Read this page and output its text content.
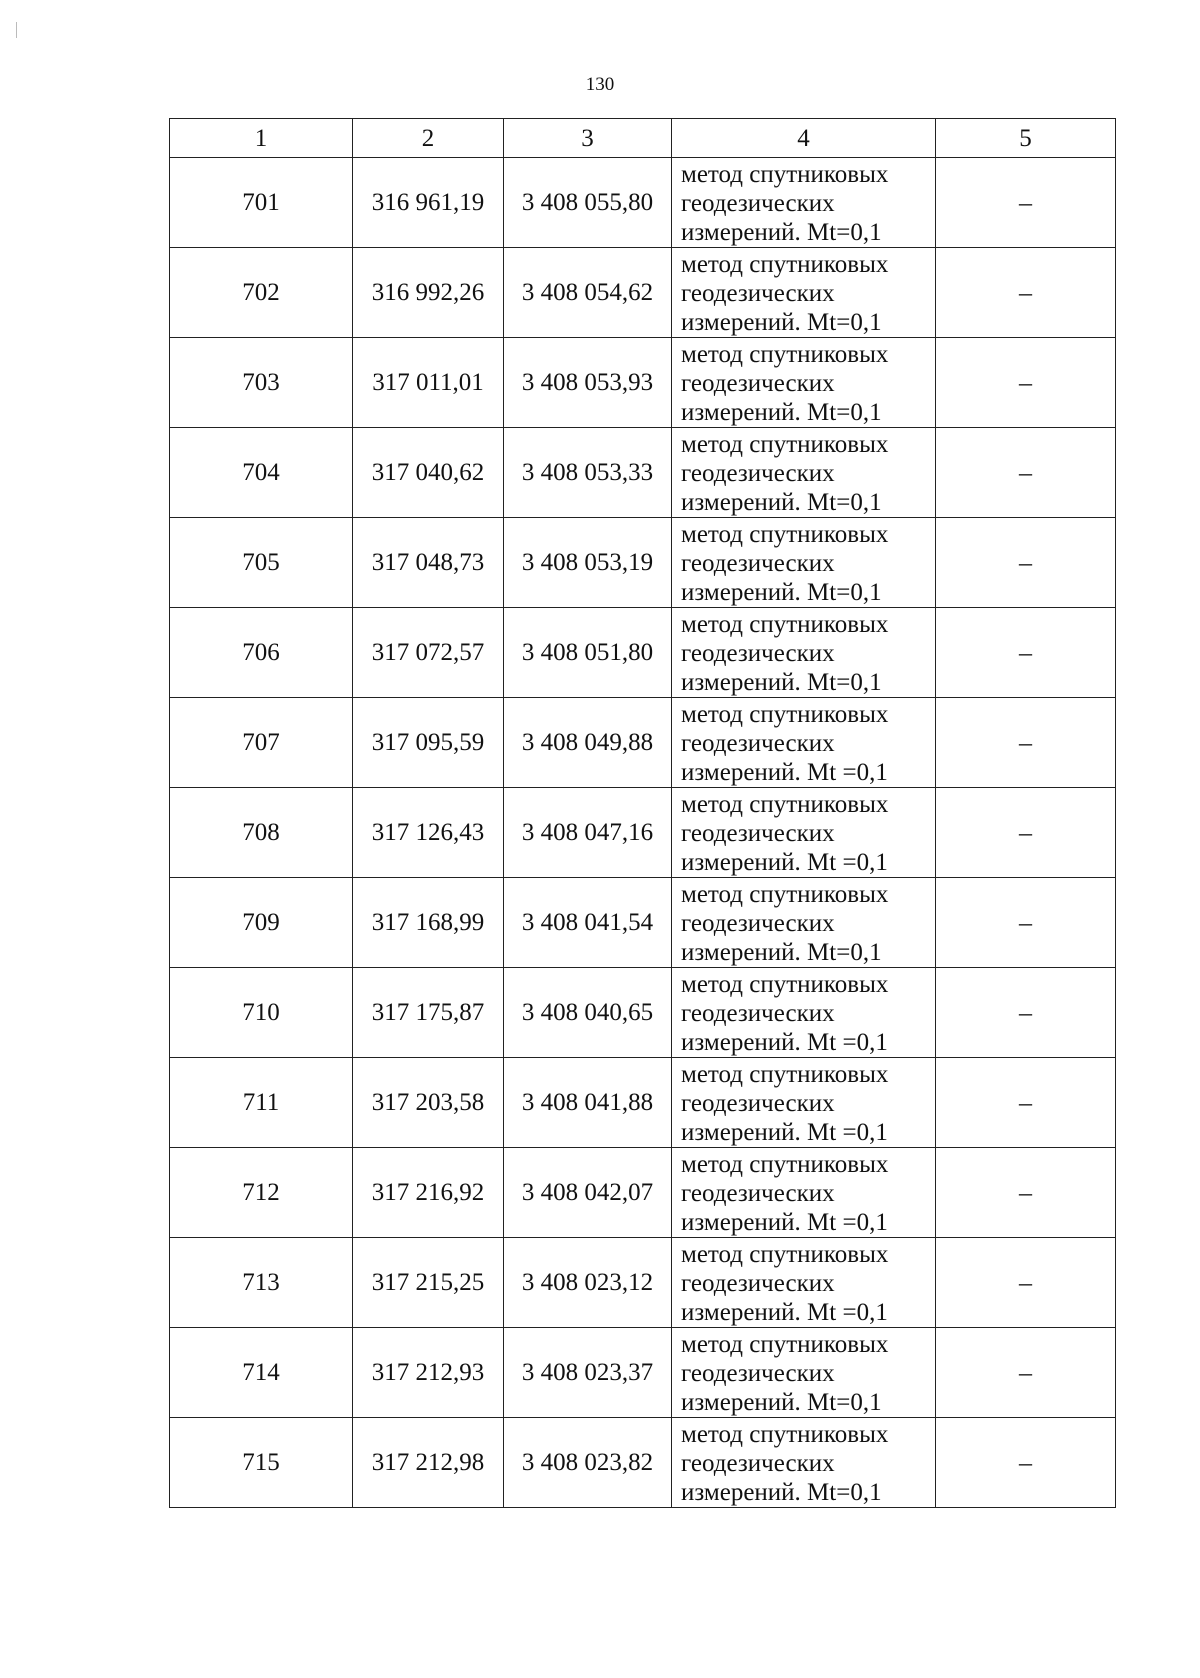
130
1	2	3	4	5
701	316 961,19	3 408 055,80	метод спутниковых
геодезических
измерений. Mt=0,1	–
702	316 992,26	3 408 054,62	метод спутниковых
геодезических
измерений. Mt=0,1	–
703	317 011,01	3 408 053,93	метод спутниковых
геодезических
измерений. Mt=0,1	–
704	317 040,62	3 408 053,33	метод спутниковых
геодезических
измерений. Mt=0,1	–
705	317 048,73	3 408 053,19	метод спутниковых
геодезических
измерений. Mt=0,1	–
706	317 072,57	3 408 051,80	метод спутниковых
геодезических
измерений. Mt=0,1	–
707	317 095,59	3 408 049,88	метод спутниковых
геодезических
измерений. Mt =0,1	–
708	317 126,43	3 408 047,16	метод спутниковых
геодезических
измерений. Mt =0,1	–
709	317 168,99	3 408 041,54	метод спутниковых
геодезических
измерений. Mt=0,1	–
710	317 175,87	3 408 040,65	метод спутниковых
геодезических
измерений. Mt =0,1	–
711	317 203,58	3 408 041,88	метод спутниковых
геодезических
измерений. Mt =0,1	–
712	317 216,92	3 408 042,07	метод спутниковых
геодезических
измерений. Mt =0,1	–
713	317 215,25	3 408 023,12	метод спутниковых
геодезических
измерений. Mt =0,1	–
714	317 212,93	3 408 023,37	метод спутниковых
геодезических
измерений. Mt=0,1	–
715	317 212,98	3 408 023,82	метод спутниковых
геодезических
измерений. Mt=0,1	–
